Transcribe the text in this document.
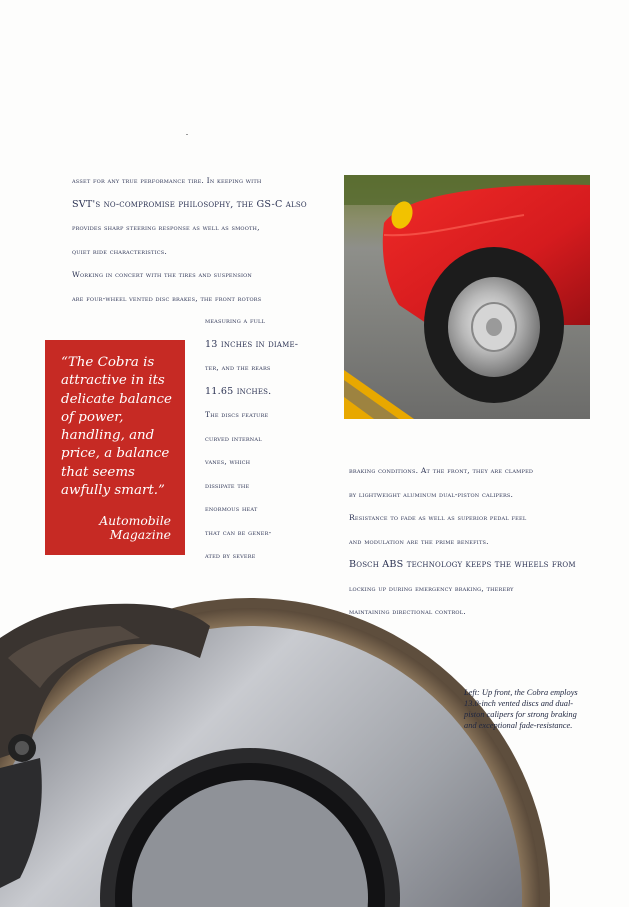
asset for any true performance tire. In keeping with

SVT's no-compromise philosophy, the GS-C also

provides sharp steering response as well as smooth,

quiet ride characteristics.

Working in concert with the tires and suspension

are four-wheel vented disc brakes, the front rotors

measuring a full

13 inches in diame-

ter, and the rears

11.65 inches.

The discs feature

curved internal

vanes, which

dissipate the

enormous heat

that can be gener-

ated by severe

“The Cobra is attractive in its delicate balance of power, handling, and price, a balance that seems awfully smart.”
Automobile
Magazine

braking conditions. At the front, they are clamped

by lightweight aluminum dual-piston calipers.

Resistance to fade as well as superior pedal feel

and modulation are the prime benefits.

Bosch ABS technology keeps the wheels from

locking up during emergency braking, thereby

maintaining directional control.

Left: Up front, the Cobra employs

13.0-inch vented discs and dual-

piston calipers for strong braking

and exceptional fade-resistance.
